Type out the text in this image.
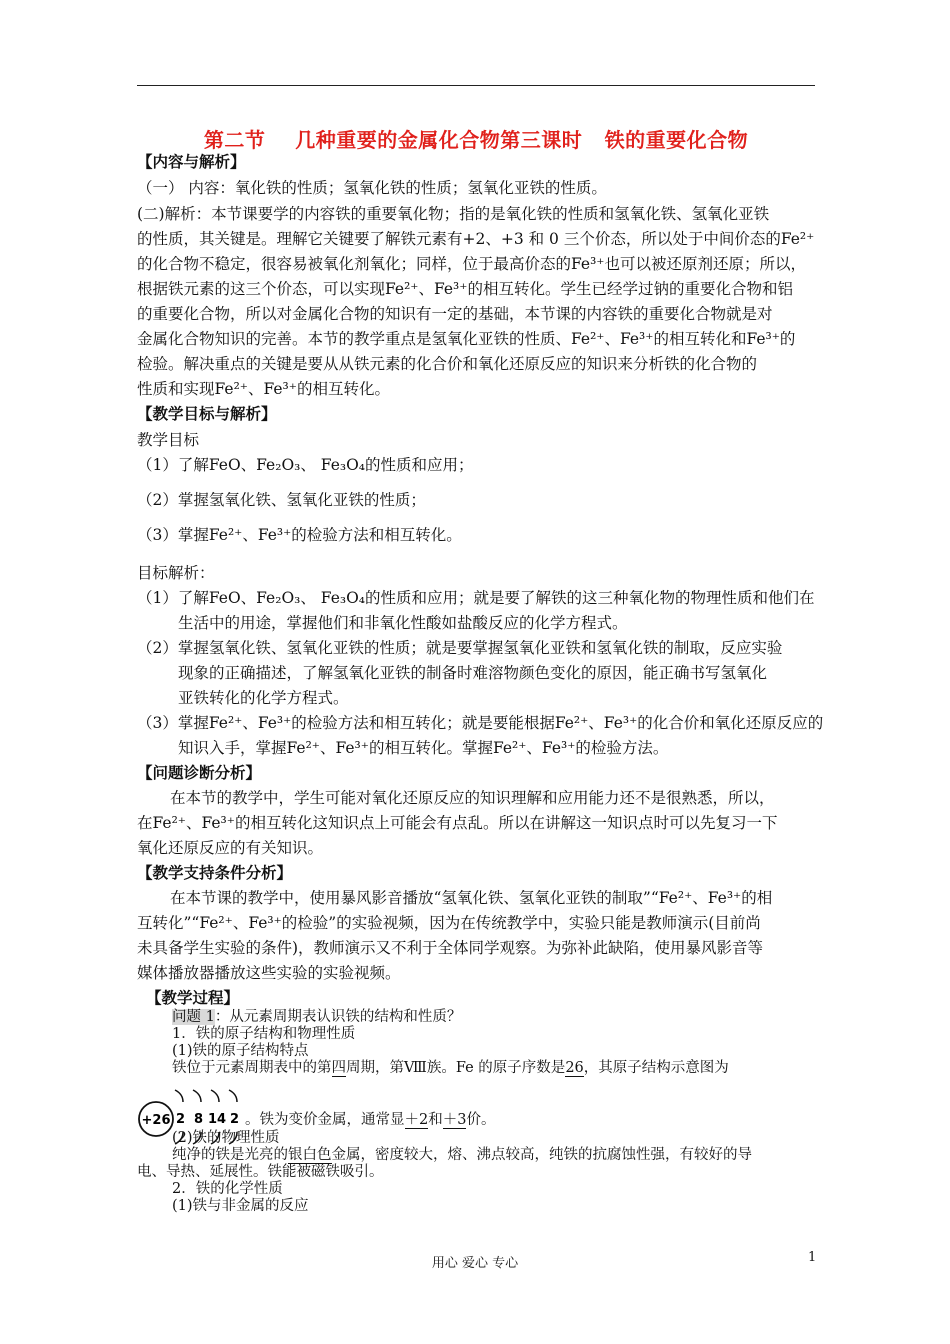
第二节    几种重要的金属化合物第三课时   铁的重要化合物
【内容与解析】
（一） 内容：氧化铁的性质；氢氧化铁的性质；氢氧化亚铁的性质。
(二)解析：本节课要学的内容铁的重要氧化物；指的是氧化铁的性质和氢氧化铁、氢氧化亚铁
的性质，其关键是。理解它关键要了解铁元素有+2、+3 和 0 三个价态，所以处于中间价态的Fe²⁺
的化合物不稳定，很容易被氧化剂氧化；同样，位于最高价态的Fe³⁺也可以被还原剂还原；所以，
根据铁元素的这三个价态，可以实现Fe²⁺、Fe³⁺的相互转化。学生已经学过钠的重要化合物和铝
的重要化合物，所以对金属化合物的知识有一定的基础，本节课的内容铁的重要化合物就是对
金属化合物知识的完善。本节的教学重点是氢氧化亚铁的性质、Fe²⁺、Fe³⁺的相互转化和Fe³⁺的
检验。解决重点的关键是要从从铁元素的化合价和氧化还原反应的知识来分析铁的化合物的
性质和实现Fe²⁺、Fe³⁺的相互转化。
【教学目标与解析】
教学目标
（1）了解FeO、Fe₂O₃、 Fe₃O₄的性质和应用；
（2）掌握氢氧化铁、氢氧化亚铁的性质；
（3）掌握Fe²⁺、Fe³⁺的检验方法和相互转化。
目标解析：
（1）了解FeO、Fe₂O₃、 Fe₃O₄的性质和应用；就是要了解铁的这三种氧化物的物理性质和他们在
生活中的用途，掌握他们和非氧化性酸如盐酸反应的化学方程式。
（2）掌握氢氧化铁、氢氧化亚铁的性质；就是要掌握氢氧化亚铁和氢氧化铁的制取，反应实验
现象的正确描述，了解氢氧化亚铁的制备时难溶物颜色变化的原因，能正确书写氢氧化
亚铁转化的化学方程式。
（3）掌握Fe²⁺、Fe³⁺的检验方法和相互转化；就是要能根据Fe²⁺、Fe³⁺的化合价和氧化还原反应的
知识入手，掌握Fe²⁺、Fe³⁺的相互转化。掌握Fe²⁺、Fe³⁺的检验方法。
【问题诊断分析】
在本节的教学中，学生可能对氧化还原反应的知识理解和应用能力还不是很熟悉，所以，
在Fe²⁺、Fe³⁺的相互转化这知识点上可能会有点乱。所以在讲解这一知识点时可以先复习一下
氧化还原反应的有关知识。
【教学支持条件分析】
在本节课的教学中，使用暴风影音播放“氢氧化铁、氢氧化亚铁的制取”“Fe²⁺、Fe³⁺的相
互转化”“Fe²⁺、Fe³⁺的检验”的实验视频，因为在传统教学中，实验只能是教师演示(目前尚
未具备学生实验的条件)，教师演示又不利于全体同学观察。为弥补此缺陷，使用暴风影音等
媒体播放器播放这些实验的实验视频。
【教学过程】
问题 1：从元素周期表认识铁的结构和性质？
1．铁的原子结构和物理性质
(1)铁的原子结构特点
铁位于元素周期表中的第四周期，第Ⅷ族。Fe 的原子序数是26，其原子结构示意图为
+26 2 8 14 2 。铁为变价金属，通常显＋2和＋3价。
(2)铁的物理性质
纯净的铁是光亮的银白色金属，密度较大，熔、沸点较高，纯铁的抗腐蚀性强，有较好的导
电、导热、延展性。铁能被磁铁吸引。
2．铁的化学性质
(1)铁与非金属的反应
用心 爱心 专心	1
